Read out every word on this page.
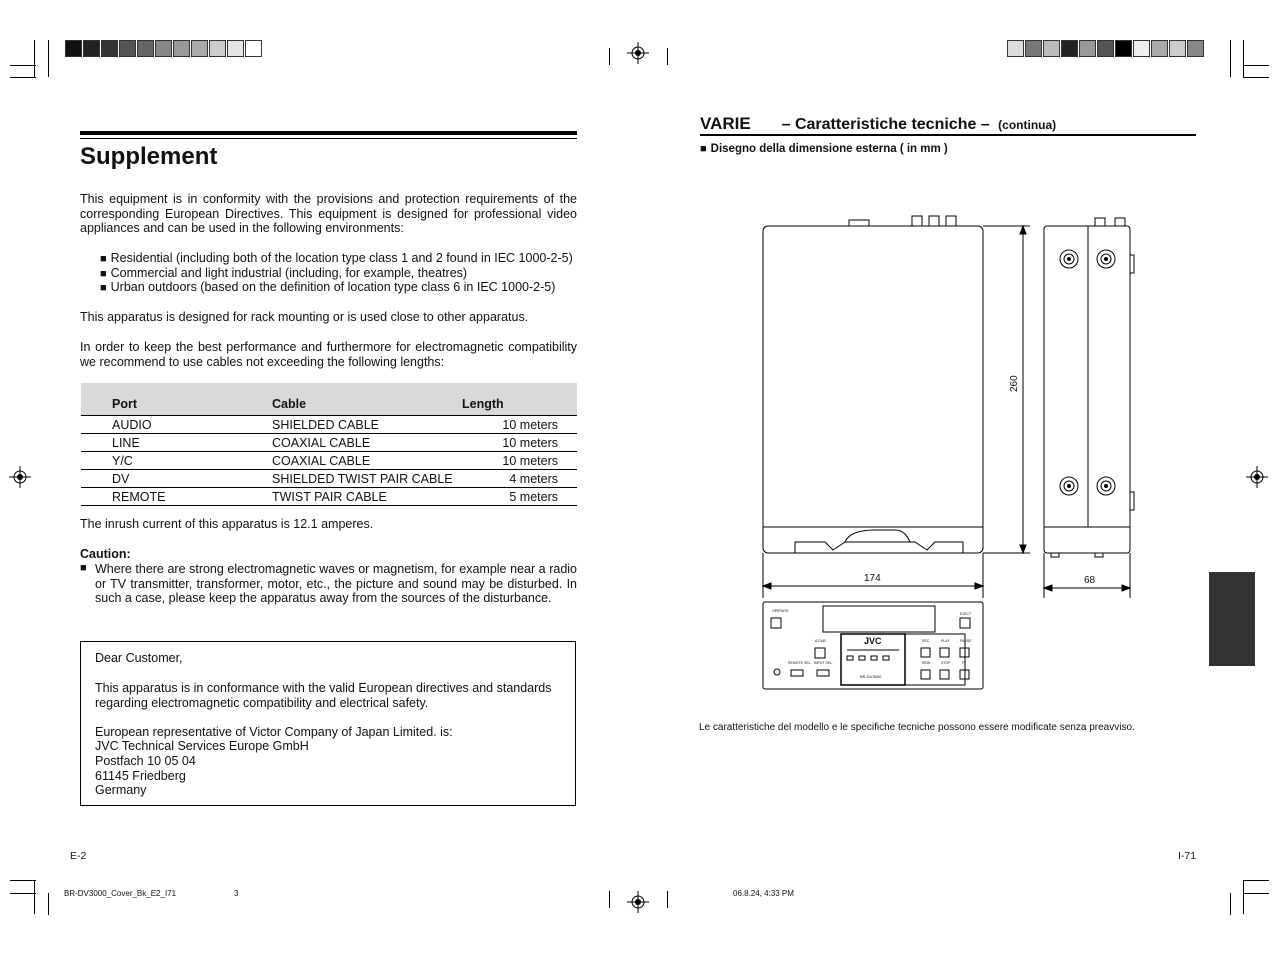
Supplement
This equipment is in conformity with the provisions and protection requirements of the corresponding European Directives. This equipment is designed for professional video appliances and can be used in the following environments:
■ Residential (including both of the location type class 1 and 2 found in IEC 1000-2-5)
■ Commercial and light industrial (including, for example, theatres)
■ Urban outdoors (based on the definition of location type class 6 in IEC 1000-2-5)
This apparatus is designed for rack mounting or is used close to other apparatus.
In order to keep the best performance and furthermore for electromagnetic compatibility we recommend to use cables not exceeding the following lengths:
Port	Cable	Length
AUDIO	SHIELDED CABLE	10 meters
LINE	COAXIAL CABLE	10 meters
Y/C	COAXIAL CABLE	10 meters
DV	SHIELDED TWIST PAIR CABLE	4 meters
REMOTE	TWIST PAIR CABLE	5 meters
The inrush current of this apparatus is 12.1 amperes.
Caution:
■ Where there are strong electromagnetic waves or magnetism, for example near a radio or TV transmitter, transformer, motor, etc., the picture and sound may be disturbed. In such a case, please keep the apparatus away from the sources of the disturbance.
Dear Customer,
This apparatus is in conformance with the valid European directives and standards regarding electromagnetic compatibility and electrical safety.
European representative of Victor Company of Japan Limited. is:
JVC Technical Services Europe GmbH
Postfach 10 05 04
61145 Friedberg
Germany
E-2
BR-DV3000_Cover_Bk_E2_I71	3	06.8.24, 4:33 PM
VARIE – Caratteristiche tecniche – (continua)
■ Disegno della dimensione esterna ( in mm )
260
174	68
JVC
BR-DV3000
OPERATE
EJECT
REC	PLAY	PAUSE
REW	STOP	FF
REMOTE SEL. INPUT SEL.
A.DUB
Le caratteristiche del modello e le specifiche tecniche possono essere modificate senza preavviso.
I-71
